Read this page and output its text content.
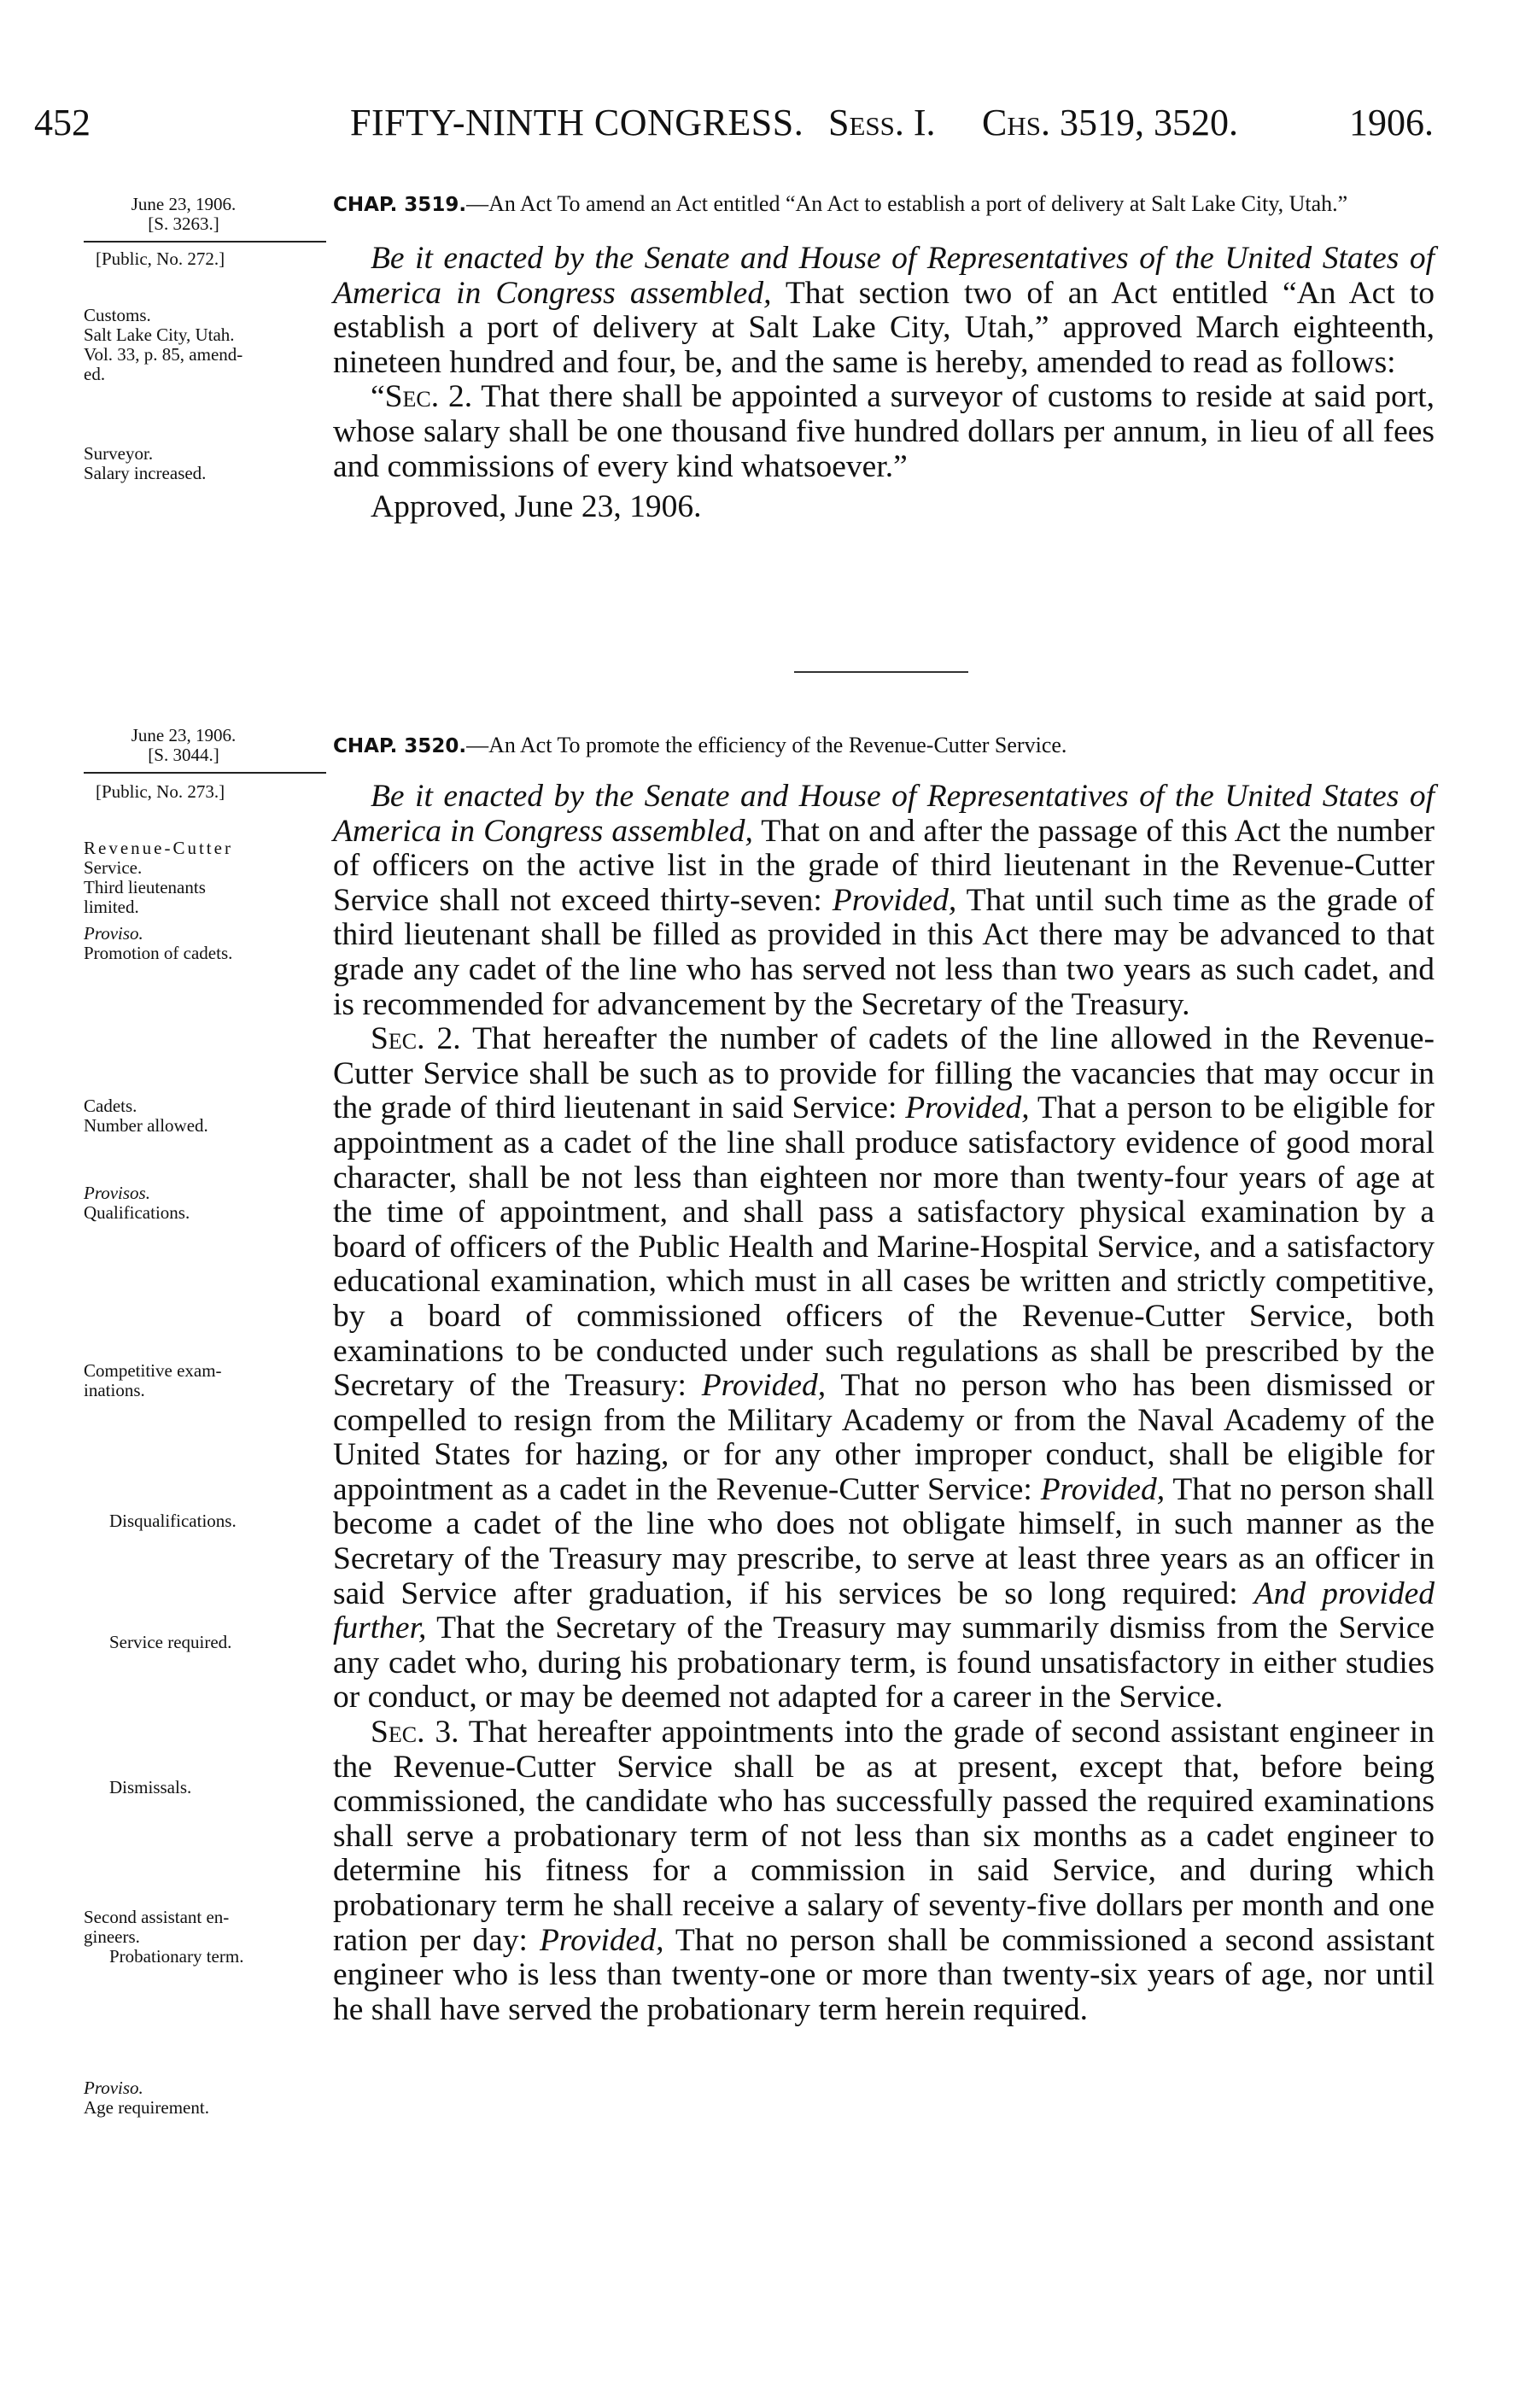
452	FIFTY-NINTH CONGRESS. Sess. I. Chs. 3519, 3520.	1906.
June 23, 1906.
[S. 3263.]
[Public, No. 272.]
Customs.
Salt Lake City, Utah.
Vol. 33, p. 85, amend-
ed.
Surveyor.
Salary increased.
CHAP. 3519.—An Act To amend an Act entitled “An Act to establish a port of delivery at Salt Lake City, Utah.”

Be it enacted by the Senate and House of Representatives of the United States of America in Congress assembled, That section two of an Act entitled “An Act to establish a port of delivery at Salt Lake City, Utah,” approved March eighteenth, nineteen hundred and four, be, and the same is hereby, amended to read as follows:

“Sec. 2. That there shall be appointed a surveyor of customs to reside at said port, whose salary shall be one thousand five hundred dollars per annum, in lieu of all fees and commissions of every kind whatsoever.”

Approved, June 23, 1906.
June 23, 1906.
[S. 3044.]
[Public, No. 273.]
Revenue-Cutter
Service.
Third lieutenants
limited.
Proviso.
Promotion of cadets.
Cadets.
Number allowed.
Provisos.
Qualifications.
Competitive exam-
inations.
Disqualifications.
Service required.
Dismissals.
Second assistant en-
gineers.
Probationary term.
Proviso.
Age requirement.
CHAP. 3520.—An Act To promote the efficiency of the Revenue-Cutter Service.

Be it enacted by the Senate and House of Representatives of the United States of America in Congress assembled, That on and after the passage of this Act the number of officers on the active list in the grade of third lieutenant in the Revenue-Cutter Service shall not exceed thirty-seven: Provided, That until such time as the grade of third lieutenant shall be filled as provided in this Act there may be advanced to that grade any cadet of the line who has served not less than two years as such cadet, and is recommended for advancement by the Secretary of the Treasury.

Sec. 2. That hereafter the number of cadets of the line allowed in the Revenue-Cutter Service shall be such as to provide for filling the vacancies that may occur in the grade of third lieutenant in said Service: Provided, That a person to be eligible for appointment as a cadet of the line shall produce satisfactory evidence of good moral character, shall be not less than eighteen nor more than twenty-four years of age at the time of appointment, and shall pass a satisfactory physical examination by a board of officers of the Public Health and Marine-Hospital Service, and a satisfactory educational examination, which must in all cases be written and strictly competitive, by a board of commissioned officers of the Revenue-Cutter Service, both examinations to be conducted under such regulations as shall be prescribed by the Secretary of the Treasury: Provided, That no person who has been dismissed or compelled to resign from the Military Academy or from the Naval Academy of the United States for hazing, or for any other improper conduct, shall be eligible for appointment as a cadet in the Revenue-Cutter Service: Provided, That no person shall become a cadet of the line who does not obligate himself, in such manner as the Secretary of the Treasury may prescribe, to serve at least three years as an officer in said Service after graduation, if his services be so long required: And provided further, That the Secretary of the Treasury may summarily dismiss from the Service any cadet who, during his probationary term, is found unsatisfactory in either studies or conduct, or may be deemed not adapted for a career in the Service.

Sec. 3. That hereafter appointments into the grade of second assistant engineer in the Revenue-Cutter Service shall be as at present, except that, before being commissioned, the candidate who has successfully passed the required examinations shall serve a probationary term of not less than six months as a cadet engineer to determine his fitness for a commission in said Service, and during which probationary term he shall receive a salary of seventy-five dollars per month and one ration per day: Provided, That no person shall be commissioned a second assistant engineer who is less than twenty-one or more than twenty-six years of age, nor until he shall have served the probationary term herein required.
